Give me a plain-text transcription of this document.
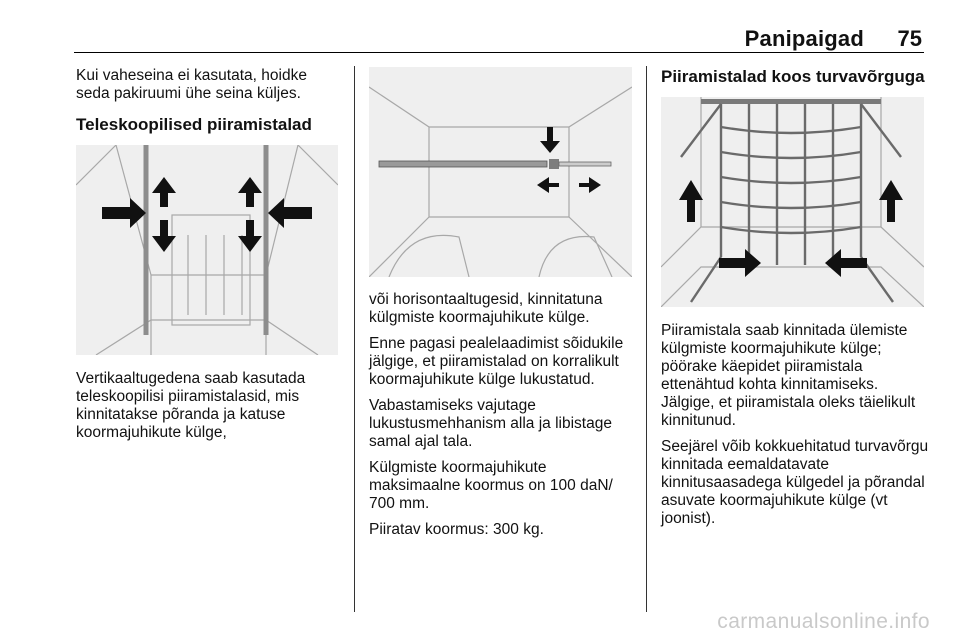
Panipaigad 75

Kui vaheseina ei kasutata, hoidke seda pakiruumi ühe seina küljes.

Teleskoopilised piiramistalad

Vertikaaltugedena saab kasutada teleskoopilisi piiramistalasid, mis kinnitatakse põranda ja katuse koormajuhikute külge,

või horisontaaltugesid, kinnitatuna külgmiste koormajuhikute külge.

Enne pagasi pealelaadimist sõidukile jälgige, et piiramistalad on korralikult koormajuhikute külge lukustatud.

Vabastamiseks vajutage lukustusmehhanism alla ja libistage samal ajal tala.

Külgmiste koormajuhikute maksimaalne koormus on 100 daN/ 700 mm.

Piiratav koormus: 300 kg.

Piiramistalad koos turvavõrguga

Piiramistala saab kinnitada ülemiste külgmiste koormajuhikute külge; pöörake käepidet piiramistala ettenähtud kohta kinnitamiseks. Jälgige, et piiramistala oleks täielikult kinnitunud.

Seejärel võib kokkuehitatud turvavõrgu kinnitada eemaldatavate kinnitusaasadega külgedel ja põrandal asuvate koormajuhikute külge (vt joonist).

carmanualsonline.info
